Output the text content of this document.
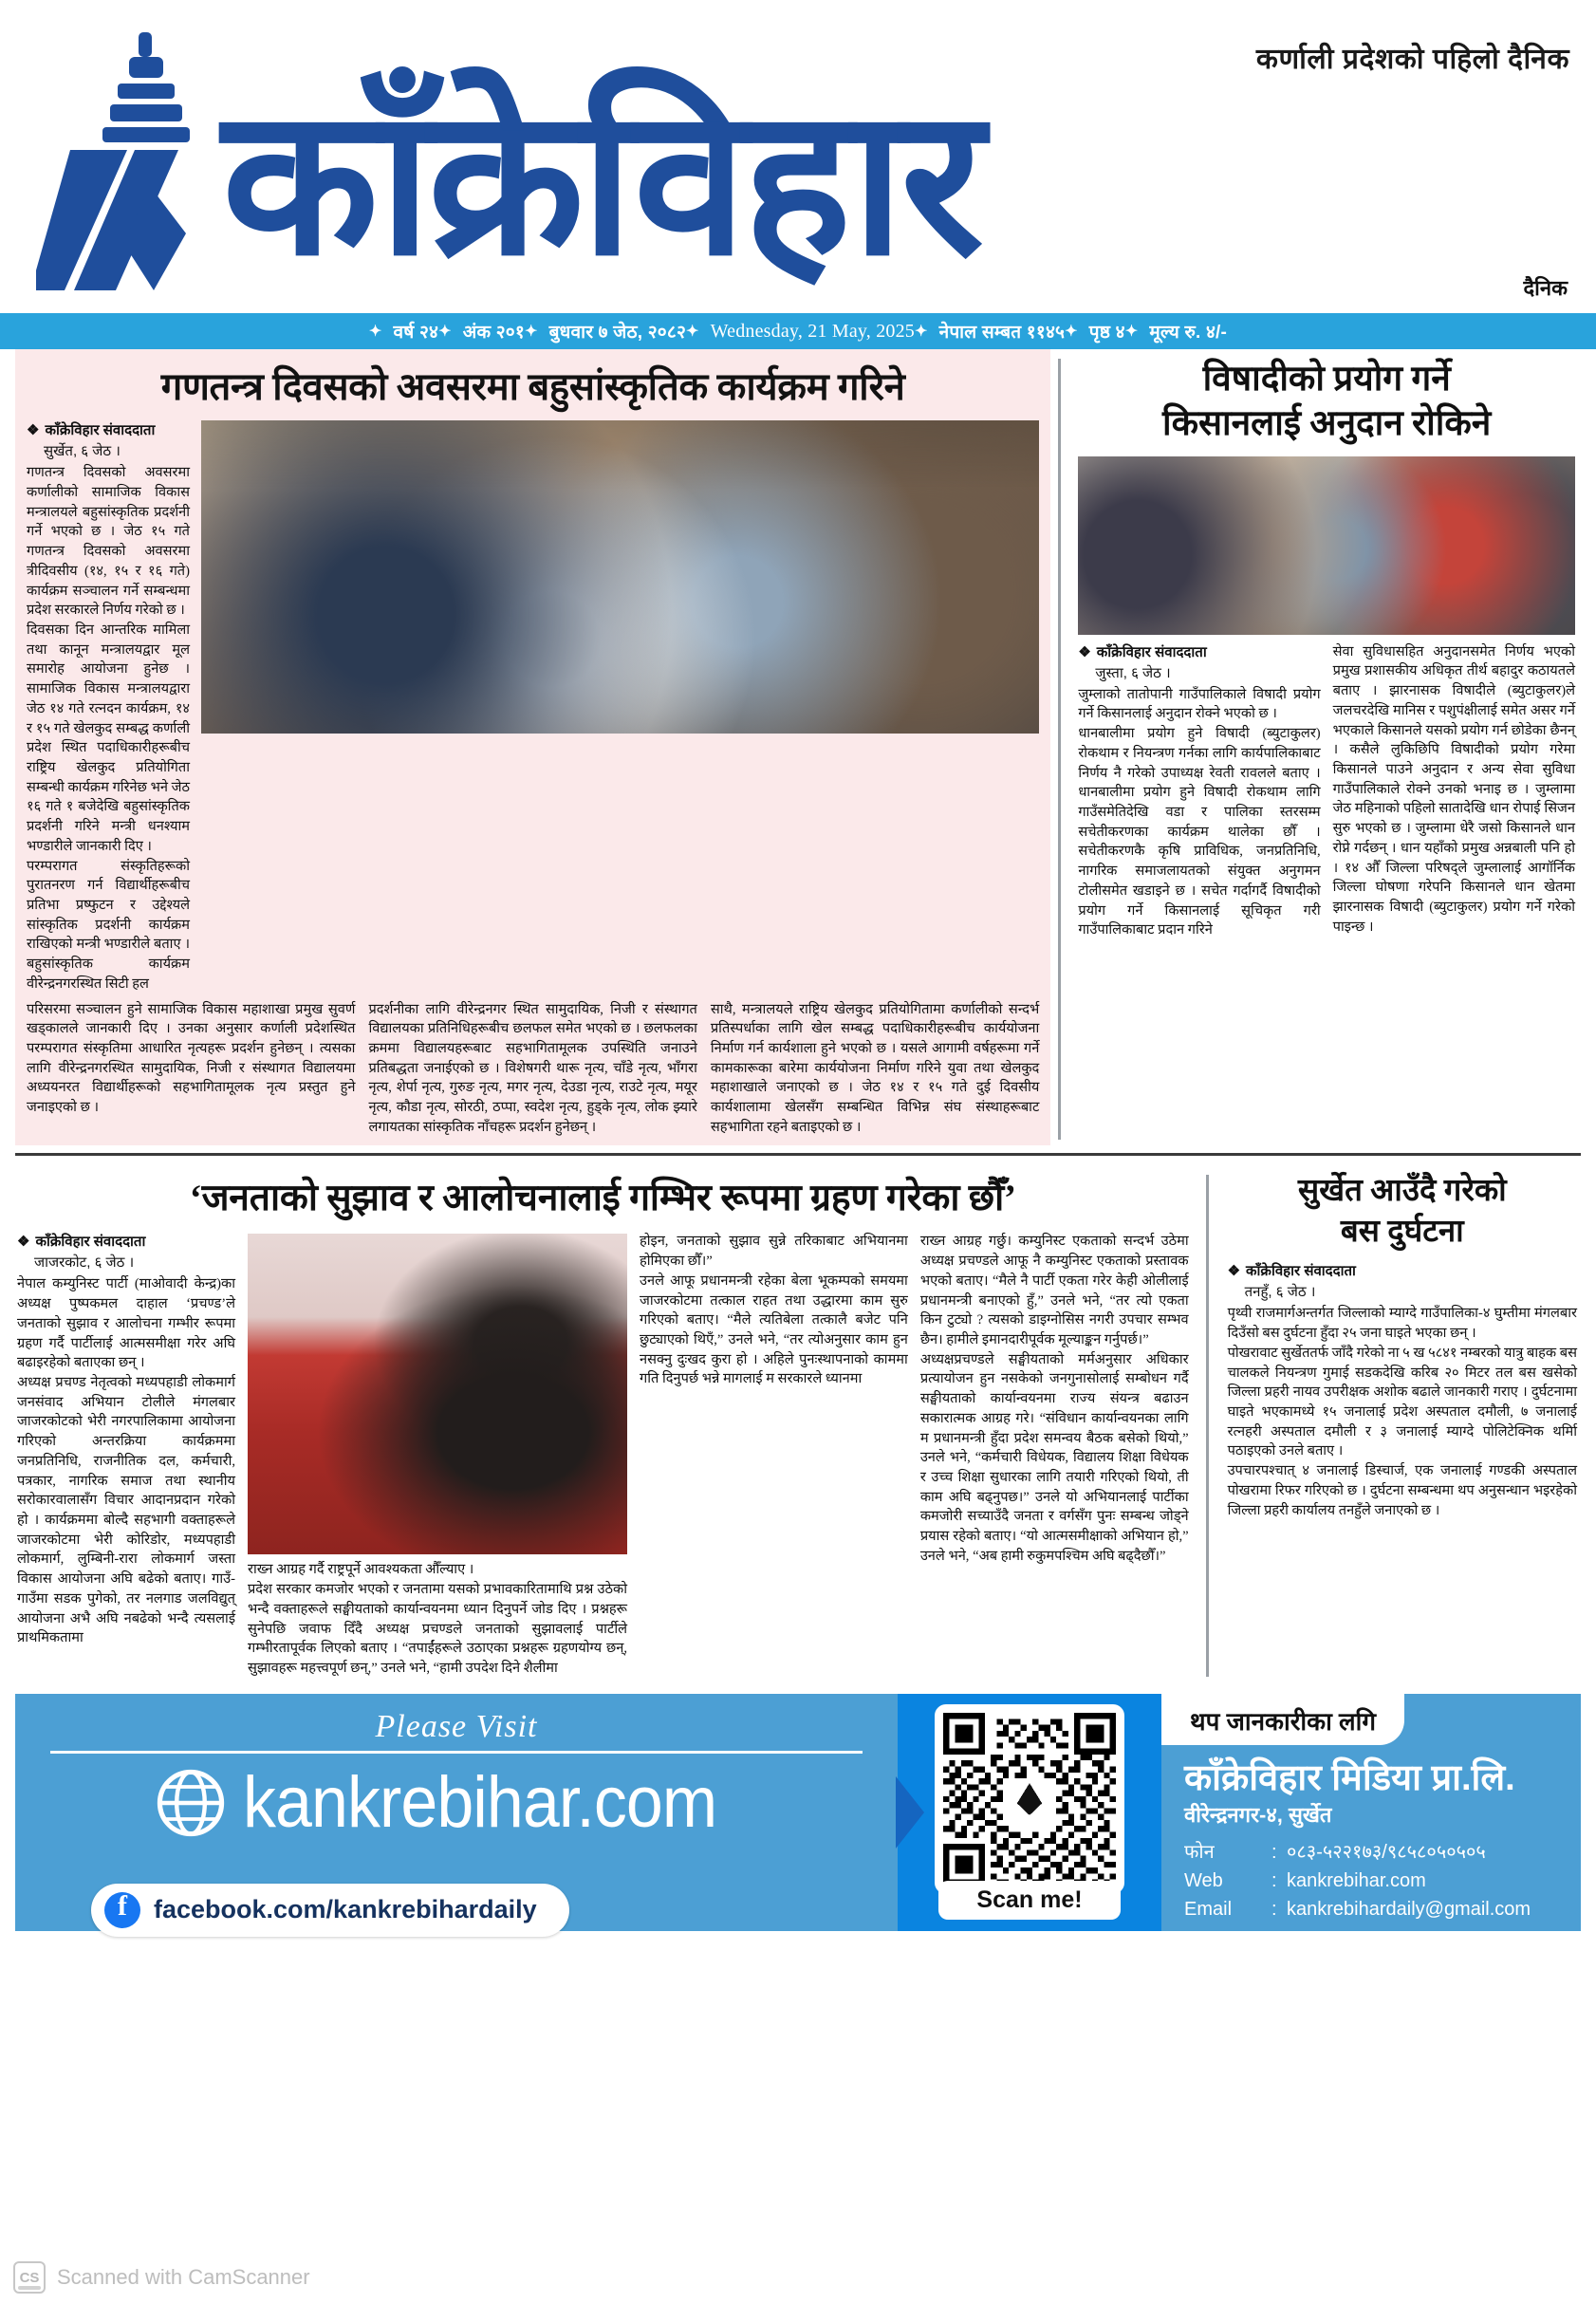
काँक्रेविहार
कर्णाली प्रदेशको पहिलो दैनिक
दैनिक
✦ वर्ष २४ ✦ अंक २०१ ✦ बुधवार ७ जेठ, २०८२ ✦ Wednesday, 21 May, 2025 ✦ नेपाल सम्बत ११४५ ✦ पृष्ठ ४ ✦ मूल्य रु. ४/-
गणतन्त्र दिवसको अवसरमा बहुसांस्कृतिक कार्यक्रम गरिने
❖ काँक्रेविहार संवाददाता
सुर्खेत, ६ जेठ ।

गणतन्त्र दिवसको अवसरमा कर्णालीको सामाजिक विकास मन्त्रालयले बहुसांस्कृतिक प्रदर्शनी गर्ने भएको छ । जेठ १५ गते गणतन्त्र दिवसको अवसरमा त्रीदिवसीय (१४, १५ र १६ गते) कार्यक्रम सञ्चालन गर्ने सम्बन्धमा प्रदेश सरकारले निर्णय गरेको छ ।

दिवसका दिन आन्तरिक मामिला तथा कानून मन्त्रालयद्वार मूल समारोह आयोजना हुनेछ । सामाजिक विकास मन्त्रालयद्वारा जेठ १४ गते रत्नदन कार्यक्रम, १४ र १५ गते खेलकुद सम्बद्ध कर्णाली प्रदेश स्थित पदाधिकारीहरूबीच राष्ट्रिय खेलकुद प्रतियोगिता सम्बन्धी कार्यक्रम गरिनेछ भने जेठ १६ गते १ बजेदेखि बहुसांस्कृतिक प्रदर्शनी गरिने मन्त्री धनश्याम भण्डारीले जानकारी दिए ।

परम्परागत संस्कृतिहरूको पुरातनरण गर्न विद्यार्थीहरूबीच प्रतिभा प्रष्फुटन र उद्देश्यले सांस्कृतिक प्रदर्शनी कार्यक्रम राखिएको मन्त्री भण्डारीले बताए । बहुसांस्कृतिक कार्यक्रम वीरेन्द्रनगरस्थित सिटी हल

परिसरमा सञ्चालन हुने सामाजिक विकास महाशाखा प्रमुख सुवर्ण खड्कालले जानकारी दिए । उनका अनुसार कर्णाली प्रदेशस्थित परम्परागत संस्कृतिमा आधारित नृत्यहरू प्रदर्शन हुनेछन् । त्यसका लागि वीरेन्द्रनगरस्थित सामुदायिक, निजी र संस्थागत विद्यालयमा अध्ययनरत विद्यार्थीहरूको सहभागितामूलक नृत्य प्रस्तुत हुने जनाइएको छ ।

प्रदर्शनीका लागि वीरेन्द्रनगर स्थित सामुदायिक, निजी र संस्थागत विद्यालयका प्रतिनिधिहरूबीच छलफल समेत भएको छ । छलफलका क्रममा विद्यालयहरूबाट सहभागितामूलक उपस्थिति जनाउने प्रतिबद्धता जनाईएको छ । विशेषगरी थारू नृत्य, चाँडे नृत्य, भाँगरा नृत्य, शेर्पा नृत्य, गुरुङ नृत्य, मगर नृत्य, देउडा नृत्य, राउटे नृत्य, मयूर नृत्य, कौडा नृत्य, सोरठी, ठप्पा, स्वदेश नृत्य, हुड्के नृत्य, लोक झ्यारे लगायतका सांस्कृतिक नाँचहरू प्रदर्शन हुनेछन् ।

साथै, मन्त्रालयले राष्ट्रिय खेलकुद प्रतियोगितामा कर्णालीको सन्दर्भ प्रतिस्पर्धाका लागि खेल सम्बद्ध पदाधिकारीहरूबीच कार्ययोजना निर्माण गर्न कार्यशाला हुने भएको छ । यसले आगामी वर्षहरूमा गर्ने कामकारूका बारेमा कार्ययोजना निर्माण गरिने युवा तथा खेलकुद महाशाखाले जनाएको छ । जेठ १४ र १५ गते दुई दिवसीय कार्यशालामा खेलसँग सम्बन्धित विभिन्न संघ संस्थाहरूबाट सहभागिता रहने बताइएको छ ।

विषादीको प्रयोग गर्ने
किसानलाई अनुदान रोकिने
❖ काँक्रेविहार संवाददाता
जुस्ता, ६ जेठ ।

जुम्लाको तातोपानी गाउँपालिकाले विषादी प्रयोग गर्ने किसानलाई अनुदान रोक्ने भएको छ ।

धानबालीमा प्रयोग हुने विषादी (ब्युटाकुलर) रोकथाम र नियन्त्रण गर्नका लागि कार्यपालिकाबाट निर्णय नै गरेको उपाध्यक्ष रेवती रावलले बताए । धानबालीमा प्रयोग हुने विषादी रोकथाम लागि गाउँसमेतिदेखि वडा र पालिका स्तरसम्म सचेतीकरणका कार्यक्रम थालेका छौँ । सचेतीकरणकै कृषि प्राविधिक, जनप्रतिनिधि, नागरिक समाजलायतको संयुक्त अनुगमन टोलीसमेत खडाइने छ । सचेत गर्दागर्दै विषादीको प्रयोग गर्ने किसानलाई सूचिकृत गरी गाउँपालिकाबाट प्रदान गरिने

सेवा सुविधासहित अनुदानसमेत निर्णय भएको प्रमुख प्रशासकीय अधिकृत तीर्थ बहादुर कठायतले बताए । झारनासक विषादीले (ब्युटाकुलर)ले जलचरदेखि मानिस र पशुपंक्षीलाई समेत असर गर्ने भएकाले किसानले यसको प्रयोग गर्न छोडेका छैनन् । कसैले लुकिछिपि विषादीको प्रयोग गरेमा किसानले पाउने अनुदान र अन्य सेवा सुविधा गाउँपालिकाले रोक्ने उनको भनाइ छ । जुम्लामा जेठ महिनाको पहिलो सातादेखि धान रोपाई सिजन सुरु भएको छ । जुम्लामा धेरै जसो किसानले धान रोप्ने गर्दछन् । धान यहाँको प्रमुख अन्नबाली पनि हो । १४ औँ जिल्ला परिषद्ले जुम्लालाई आगॉर्निक जिल्ला घोषणा गरेपनि किसानले धान खेतमा झारनासक विषादी (ब्युटाकुलर) प्रयोग गर्ने गरेको पाइन्छ ।

‘जनताको सुझाव र आलोचनालाई गम्भिर रूपमा ग्रहण गरेका छौँ’
❖ काँक्रेविहार संवाददाता
जाजरकोट, ६ जेठ ।

नेपाल कम्युनिस्ट पार्टी (माओवादी केन्द्र)का अध्यक्ष पुष्पकमल दाहाल ‘प्रचण्ड’ले जनताको सुझाव र आलोचना गम्भीर रूपमा ग्रहण गर्दै पार्टीलाई आत्मसमीक्षा गरेर अघि बढाइरहेको बताएका छन् ।

अध्यक्ष प्रचण्ड नेतृत्वको मध्यपहाडी लोकमार्ग जनसंवाद अभियान टोलीले मंगलबार जाजरकोटको भेरी नगरपालिकामा आयोजना गरिएको अन्तरक्रिया कार्यक्रममा जनप्रतिनिधि, राजनीतिक दल, कर्मचारी, पत्रकार, नागरिक समाज तथा स्थानीय सरोकारवालासँग विचार आदानप्रदान गरेको हो । कार्यक्रममा बोल्दै सहभागी वक्ताहरूले जाजरकोटमा भेरी कोरिडोर, मध्यपहाडी लोकमार्ग, लुम्बिनी-रारा लोकमार्ग जस्ता विकास आयोजना अघि बढेको बताए। गाउँ-गाउँमा सडक पुगेको, तर नलगाड जलविद्युत् आयोजना अभै अघि नबढेको भन्दै त्यसलाई प्राथमिकतामा

राख्न आग्रह गर्दै राष्ट्रपूर्ने आवश्यकता औँल्याए ।

प्रदेश सरकार कमजोर भएको र जनतामा यसको प्रभावकारितामाथि प्रश्न उठेको भन्दै वक्ताहरूले सङ्घीयताको कार्यान्वयनमा ध्यान दिनुपर्ने जोड दिए । प्रश्नहरू सुनेपछि जवाफ दिँदै अध्यक्ष प्रचण्डले जनताको सुझावलाई पार्टीले गम्भीरतापूर्वक लिएको बताए । “तपाईंहरूले उठाएका प्रश्नहरू ग्रहणयोग्य छन्, सुझावहरू महत्त्वपूर्ण छन्,” उनले भने, “हामी उपदेश दिने शैलीमा

होइन, जनताको सुझाव सुन्ने तरिकाबाट अभियानमा होमिएका छौँ।”

उनले आफू प्रधानमन्त्री रहेका बेला भूकम्पको समयमा जाजरकोटमा तत्काल राहत तथा उद्धारमा काम सुरु गरिएको बताए। “मैले त्यतिबेला तत्कालै बजेट पनि छुट्याएको थिएँ,” उनले भने, “तर त्योअनुसार काम हुन नसक्नु दुःखद कुरा हो । अहिले पुनःस्थापनाको काममा गति दिनुपर्छ भन्ने मागलाई म सरकारले ध्यानमा

राख्न आग्रह गर्छु। कम्युनिस्ट एकताको सन्दर्भ उठेमा अध्यक्ष प्रचण्डले आफू नै कम्युनिस्ट एकताको प्रस्तावक भएको बताए। “मैले नै पार्टी एकता गरेर केही ओलीलाई प्रधानमन्त्री बनाएको हुँ,” उनले भने, “तर त्यो एकता किन टुट्यो ? त्यसको डाइग्नोसिस नगरी उपचार सम्भव छैन। हामीले इमानदारीपूर्वक मूल्याङ्कन गर्नुपर्छ।”

अध्यक्षप्रचण्डले सङ्घीयताको मर्मअनुसार अधिकार प्रत्यायोजन हुन नसकेको जनगुनासोलाई सम्बोधन गर्दै सङ्घीयताको कार्यान्वयनमा राज्य संयन्त्र बढाउन सकारात्मक आग्रह गरे। “संविधान कार्यान्वयनका लागि म प्रधानमन्त्री हुँदा प्रदेश समन्वय बैठक बसेको थियो,” उनले भने, “कर्मचारी विधेयक, विद्यालय शिक्षा विधेयक र उच्च शिक्षा सुधारका लागि तयारी गरिएको थियो, ती काम अघि बढ्नुपछ।” उनले यो अभियानलाई पार्टीका कमजोरी सच्याउँदै जनता र वर्गसँग पुनः सम्बन्ध जोड्ने प्रयास रहेको बताए। “यो आत्मसमीक्षाको अभियान हो,” उनले भने, “अब हामी रुकुमपश्चिम अघि बढ्दैछौँ।”

सुर्खेत आउँदै गरेको
बस दुर्घटना
❖ काँक्रेविहार संवाददाता
तनहुँ, ६ जेठ ।

पृथ्वी राजमार्गअन्तर्गत जिल्लाको म्याग्दे गाउँपालिका-४ घुम्तीमा मंगलबार दिउँसो बस दुर्घटना हुँदा २५ जना घाइते भएका छन् ।

पोखरावाट सुर्खेततर्फ जाँदै गरेको ना ५ ख ५८४१ नम्बरको यात्रु बाहक बस चालकले नियन्त्रण गुमाई सडकदेखि करिब २० मिटर तल बस खसेको जिल्ला प्रहरी नायव उपरीक्षक अशोक बढाले जानकारी गराए । दुर्घटनामा घाइते भएकामध्ये १५ जनालाई प्रदेश अस्पताल दमौली, ७ जनालाई रत्नहरी अस्पताल दमौली र ३ जनालाई म्याग्दे पोलिटेक्निक थर्मिा पठाइएको उनले बताए ।

उपचारपश्चात् ४ जनालाई डिस्चार्ज, एक जनालाई गण्डकी अस्पताल पोखरामा रिफर गरिएको छ । दुर्घटना सम्बन्धमा थप अनुसन्धान भइरहेको जिल्ला प्रहरी कार्यालय तनहुँले जनाएको छ ।

Please Visit
kankrebihar.com
f
facebook.com/kankrebihardaily	Scan me!
थप जानकारीका लगि
काँक्रेविहार मिडिया प्रा.लि.
वीरेन्द्रनगर-४, सुर्खेत
फोन	: ०८३-५२२१७३/९८५८०५०५०५
Web	: kankrebihar.com
Email	: kankrebihardaily@gmail.com
CS Scanned with CamScanner
